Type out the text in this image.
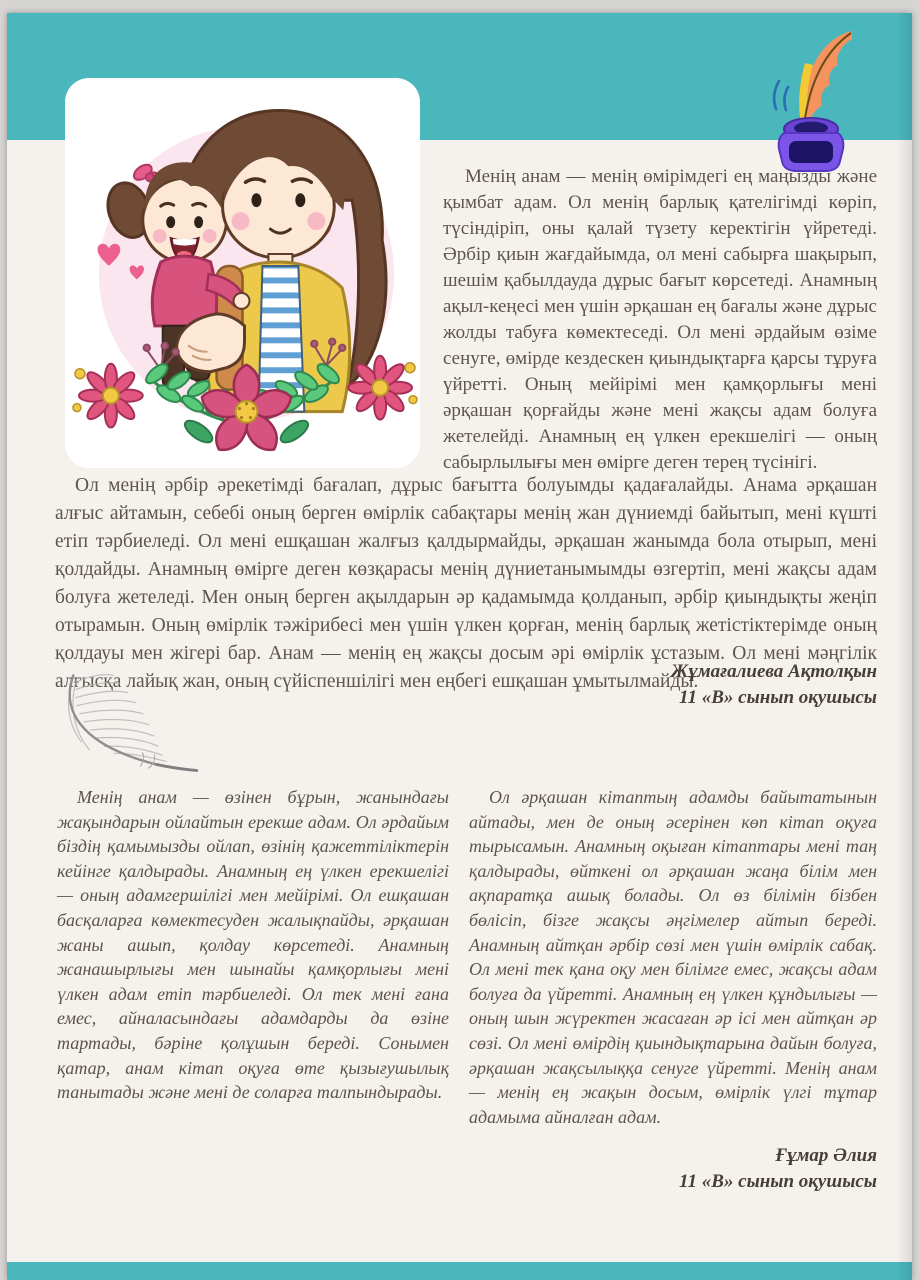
Менің анам — менің өмірімдегі ең маңызды және қымбат адам. Ол менің барлық қателігімді көріп, түсіндіріп, оны қалай түзету керектігін үйретеді. Әрбір қиын жағдайымда, ол мені сабырға шақырып, шешім қабылдауда дұрыс бағыт көрсетеді. Анамның ақыл-кеңесі мен үшін әрқашан ең бағалы және дұрыс жолды табуға көмектеседі. Ол мені әрдайым өзіме сенуге, өмірде кездескен қиындықтарға қарсы тұруға үйретті. Оның мейірімі мен қамқорлығы мені әрқашан қорғайды және мені жақсы адам болуға жетелейді. Анамның ең үлкен ерекшелігі — оның сабырлылығы мен өмірге деген терең түсінігі.
Ол менің әрбір әрекетімді бағалап, дұрыс бағытта болуымды қадағалайды. Анама әрқашан алғыс айтамын, себебі оның берген өмірлік сабақтары менің жан дүниемді байытып, мені күшті етіп тәрбиеледі. Ол мені ешқашан жалғыз қалдырмайды, әрқашан жанымда бола отырып, мені қолдайды. Анамның өмірге деген көзқарасы менің дүниетанымымды өзгертіп, мені жақсы адам болуға жетеледі. Мен оның берген ақылдарын әр қадамымда қолданып, әрбір қиындықты жеңіп отырамын. Оның өмірлік тәжірибесі мен үшін үлкен қорған, менің барлық жетістіктерімде оның қолдауы мен жігері бар. Анам — менің ең жақсы досым әрі өмірлік ұстазым. Ол мені мәңгілік алғысқа лайық жан, оның сүйіспеншілігі мен еңбегі ешқашан ұмытылмайды.
Жұмағалиева Ақтолқын
11 «В» сынып оқушысы
Менің анам — өзінен бұрын, жанындағы жақындарын ойлайтын ерекше адам. Ол әрдайым біздің қамымызды ойлап, өзінің қажеттіліктерін кейінге қалдырады. Анамның ең үлкен ерекшелігі — оның адамгершілігі мен мейірімі. Ол ешқашан басқаларға көмектесуден жалықпайды, әрқашан жаны ашып, қолдау көрсетеді. Анамның жанашырлығы мен шынайы қамқорлығы мені үлкен адам етіп тәрбиеледі. Ол тек мені ғана емес, айналасындағы адамдарды да өзіне тартады, бәріне қолұшын береді. Сонымен қатар, анам кітап оқуға өте қызығушылық танытады және мені де соларға талпындырады.
Ол әрқашан кітаптың адамды байытатынын айтады, мен де оның әсерінен көп кітап оқуға тырысамын. Анамның оқыған кітаптары мені таң қалдырады, өйткені ол әрқашан жаңа білім мен ақпаратқа ашық болады. Ол өз білімін бізбен бөлісіп, бізге жақсы әңгімелер айтып береді. Анамның айтқан әрбір сөзі мен үшін өмірлік сабақ. Ол мені тек қана оқу мен білімге емес, жақсы адам болуға да үйретті. Анамның ең үлкен құндылығы — оның шын жүректен жасаған әр ісі мен айтқан әр сөзі. Ол мені өмірдің қиындықтарына дайын болуға, әрқашан жақсылыққа сенуге үйретті. Менің анам — менің ең жақын досым, өмірлік үлгі тұтар адамыма айналған адам.
Ғұмар Әлия
11 «В» сынып оқушысы
